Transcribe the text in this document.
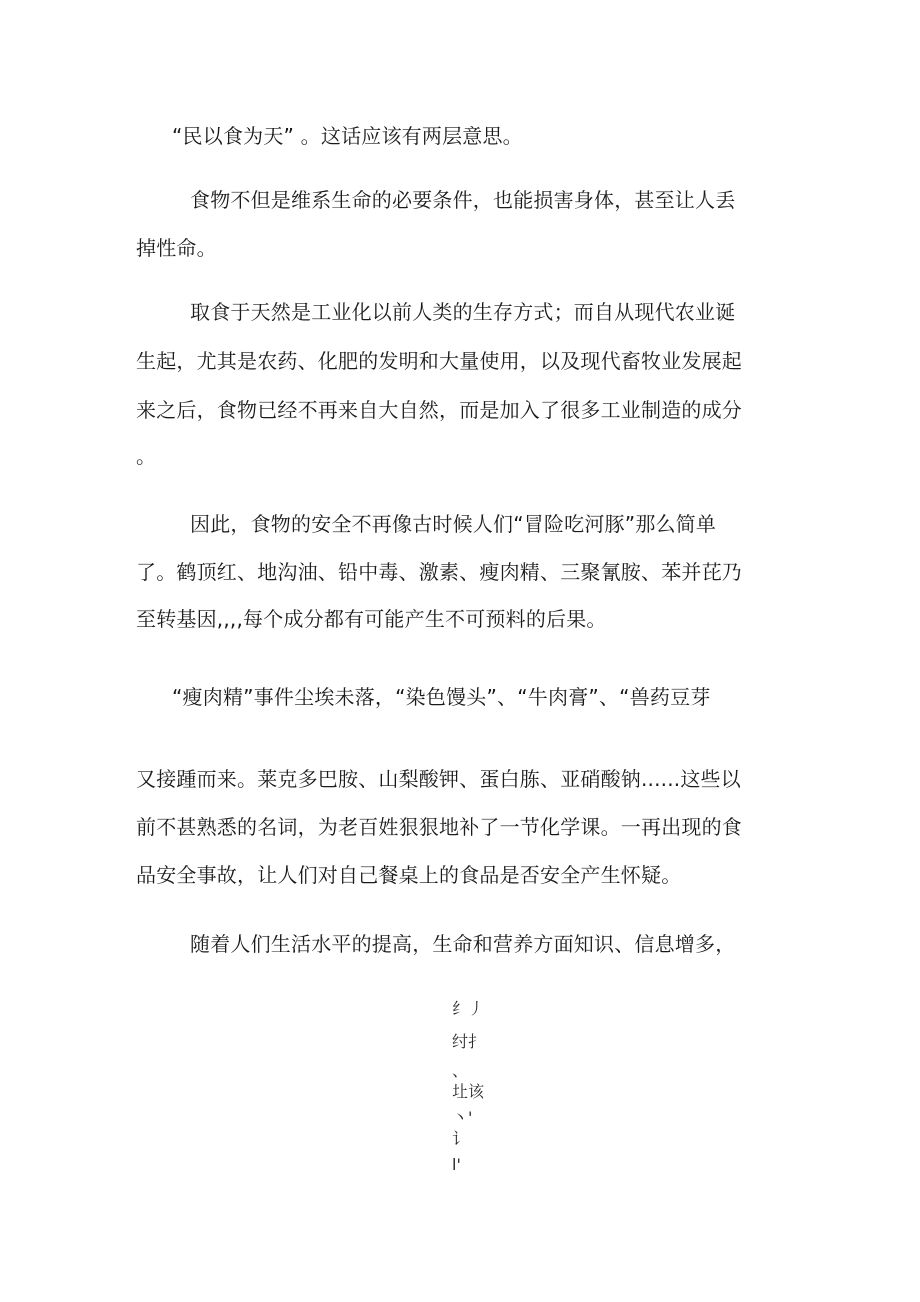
“民以食为天” 。这话应该有两层意思。
食物不但是维系生命的必要条件，也能损害身体，甚至让人丢
掉性命。
取食于天然是工业化以前人类的生存方式；而自从现代农业诞
生起，尤其是农药、化肥的发明和大量使用，以及现代畜牧业发展起
来之后，食物已经不再来自大自然，而是加入了很多工业制造的成分
。
因此，食物的安全不再像古时候人们“冒险吃河豚”那么简单
了。鹤顶红、地沟油、铅中毒、激素、瘦肉精、三聚氰胺、苯并芘乃
至转基因,,,,每个成分都有可能产生不可预料的后果。
“瘦肉精”事件尘埃未落，“染色馒头”、“牛肉膏”、“兽药豆芽
又接踵而来。莱克多巴胺、山梨酸钾、蛋白胨、亚硝酸钠......这些以
前不甚熟悉的名词，为老百姓狠狠地补了一节化学课。一再出现的食
品安全事故，让人们对自己餐桌上的食品是否安全产生怀疑。
随着人们生活水平的提高，生命和营养方面知识、信息增多，
纟丿
纣扌
、
圵该
丶'
讠
l'
